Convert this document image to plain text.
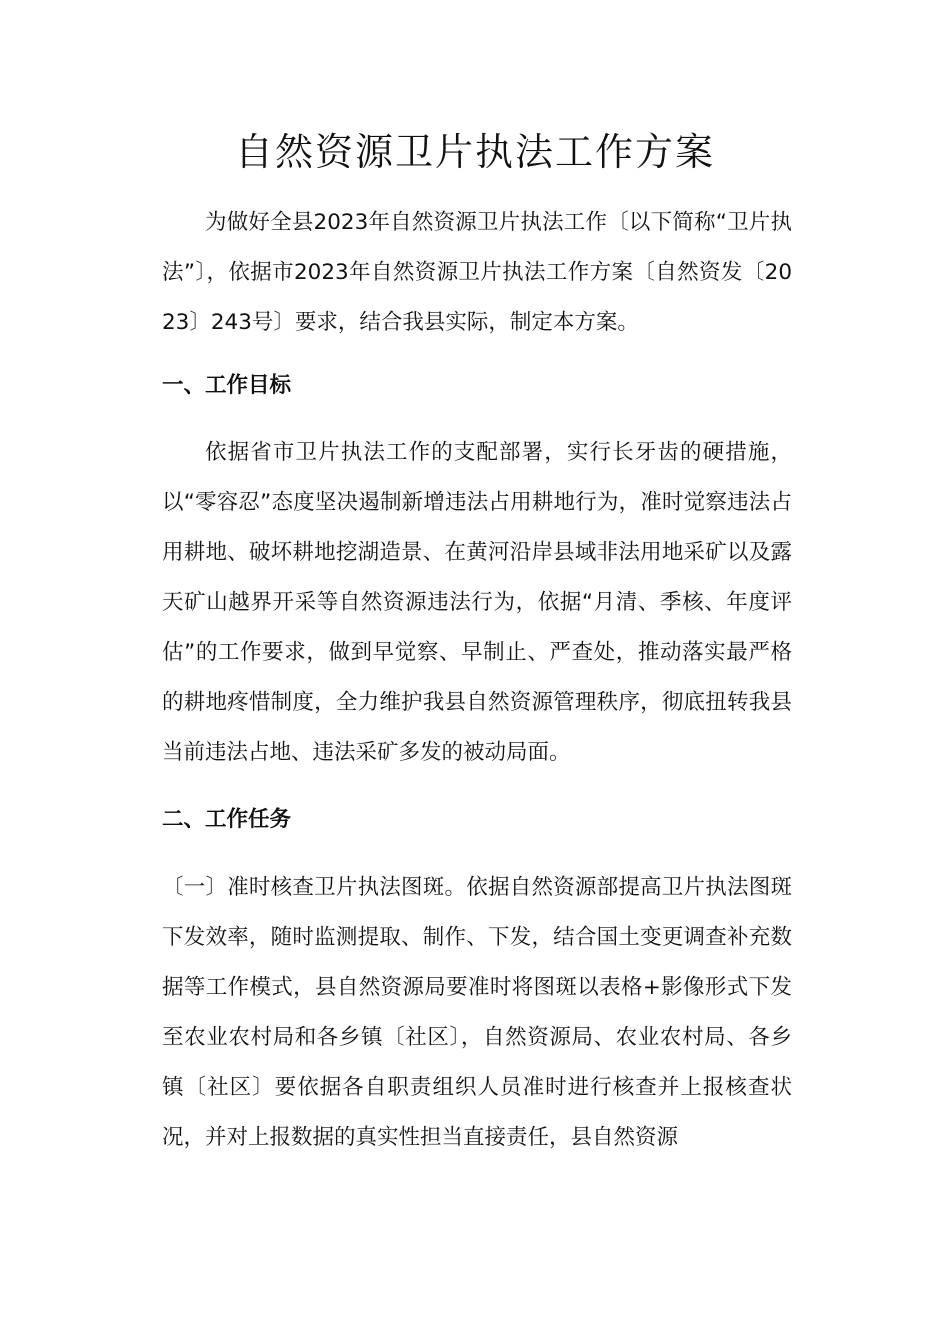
自然资源卫片执法工作方案

为做好全县2023年自然资源卫片执法工作〔以下简称“卫片执法”〕，依据市2023年自然资源卫片执法工作方案〔自然资发〔2023〕243号〕要求，结合我县实际，制定本方案。

一、工作目标

依据省市卫片执法工作的支配部署，实行长牙齿的硬措施，以“零容忍”态度坚决遏制新增违法占用耕地行为，准时觉察违法占用耕地、破坏耕地挖湖造景、在黄河沿岸县域非法用地采矿以及露天矿山越界开采等自然资源违法行为，依据“月清、季核、年度评估”的工作要求，做到早觉察、早制止、严查处，推动落实最严格的耕地疼惜制度，全力维护我县自然资源管理秩序，彻底扭转我县当前违法占地、违法采矿多发的被动局面。

二、工作任务

〔一〕准时核查卫片执法图斑。依据自然资源部提高卫片执法图斑下发效率，随时监测提取、制作、下发，结合国土变更调查补充数据等工作模式，县自然资源局要准时将图斑以表格+影像形式下发至农业农村局和各乡镇〔社区〕，自然资源局、农业农村局、各乡镇〔社区〕要依据各自职责组织人员准时进行核查并上报核查状况，并对上报数据的真实性担当直接责任，县自然资源
